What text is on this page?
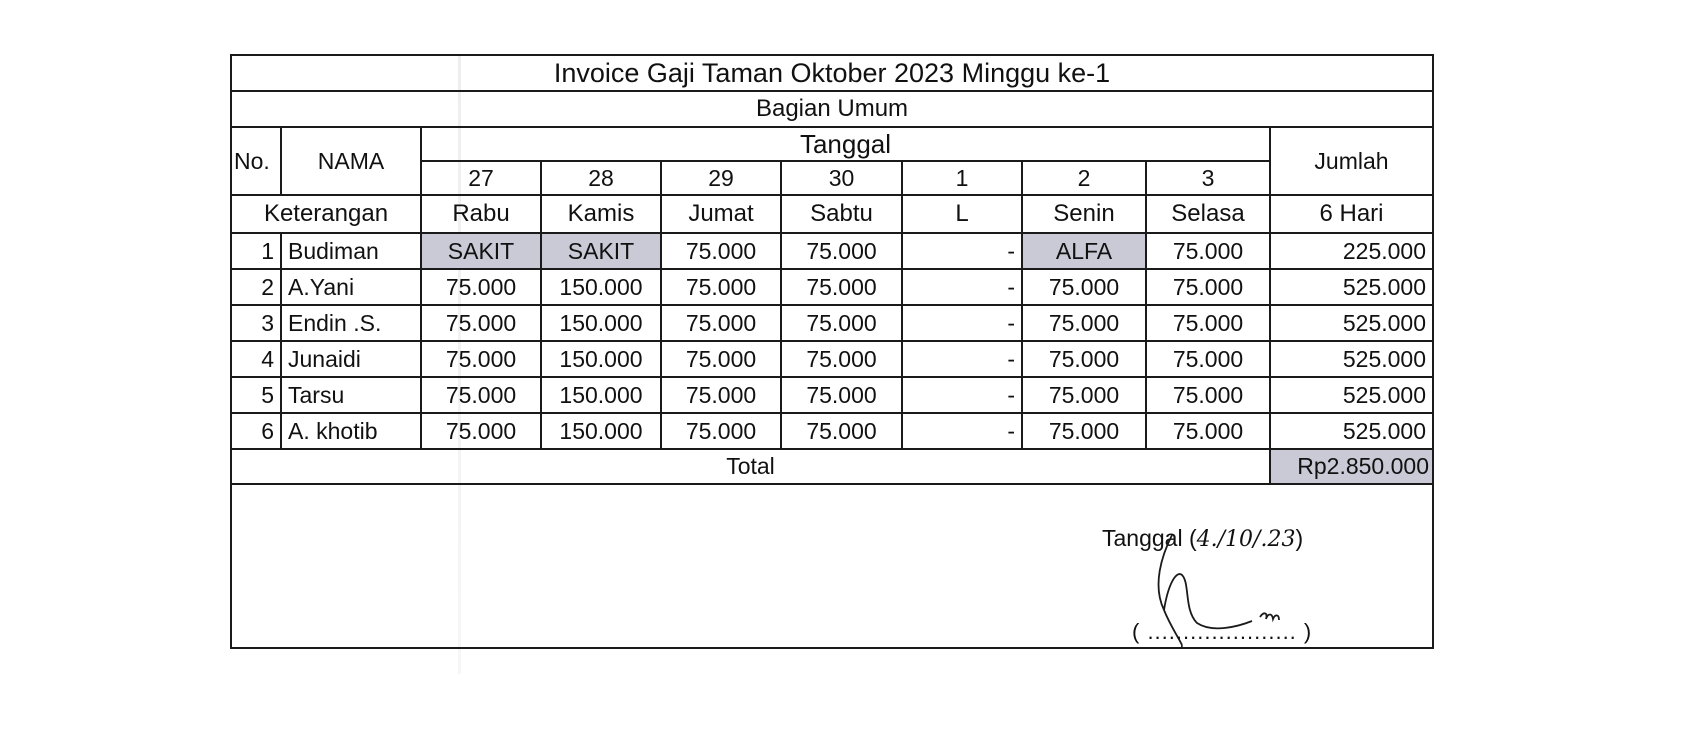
Invoice Gaji Taman Oktober 2023 Minggu ke-1									
Bagian Umum									
No.	NAMA	Tanggal							Jumlah
		27	28	29	30	1	2	3	
Keterangan		Rabu	Kamis	Jumat	Sabtu	L	Senin	Selasa	6 Hari
1	Budiman	SAKIT	SAKIT	75.000	75.000	-	ALFA	75.000	225.000
2	A.Yani	75.000	150.000	75.000	75.000	-	75.000	75.000	525.000
3	Endin .S.	75.000	150.000	75.000	75.000	-	75.000	75.000	525.000
4	Junaidi	75.000	150.000	75.000	75.000	-	75.000	75.000	525.000
5	Tarsu	75.000	150.000	75.000	75.000	-	75.000	75.000	525.000
6	A. khotib	75.000	150.000	75.000	75.000	-	75.000	75.000	525.000
Total									Rp2.850.000

Tanggal (4./10/.23)
( ..................... )									
